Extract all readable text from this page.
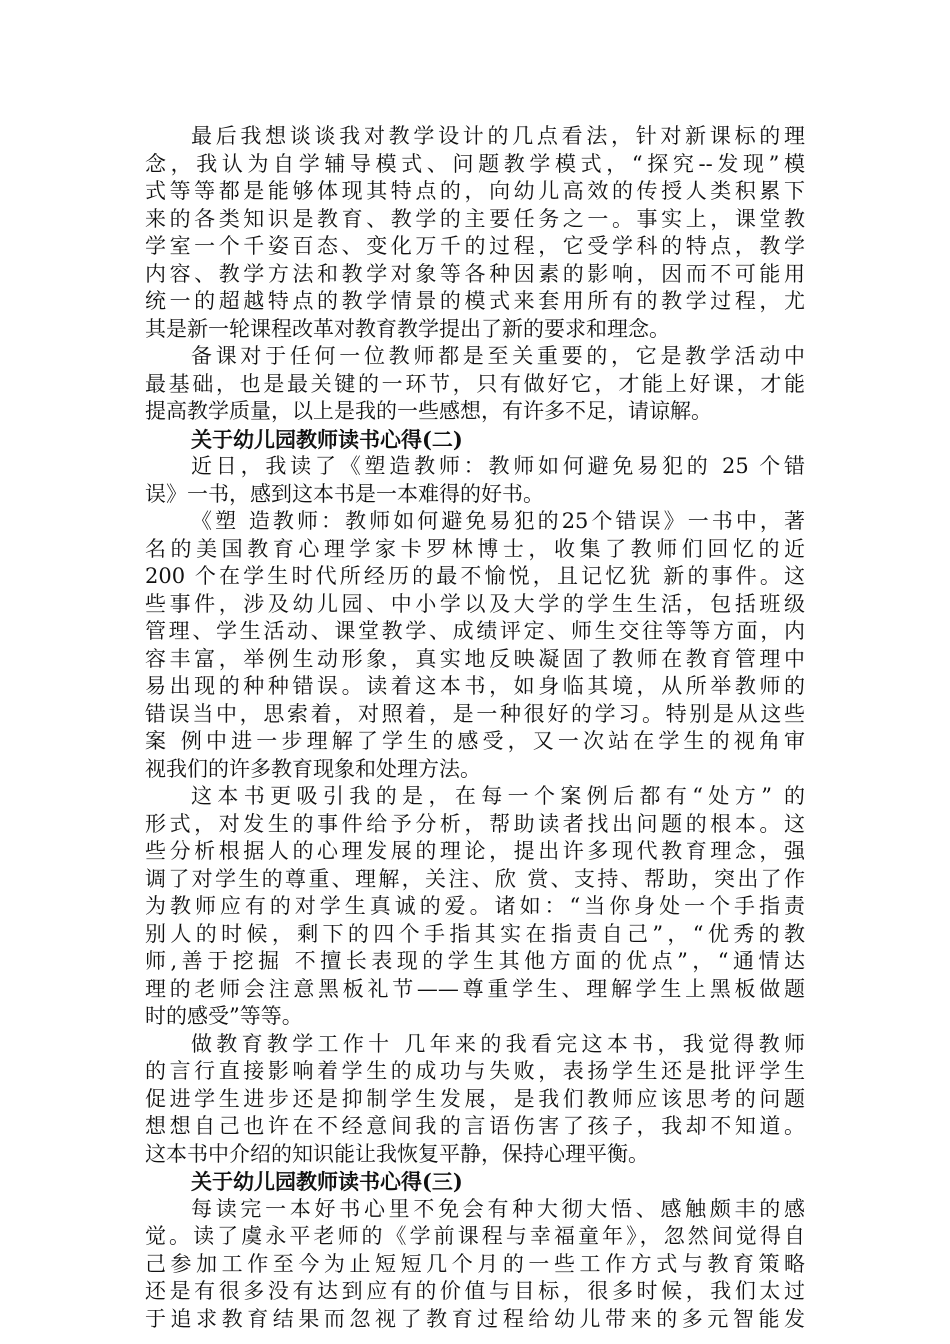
最后我想谈谈我对教学设计的几点看法，针对新课标的理
念，我认为自学辅导模式、问题教学模式，“探究--发现”模
式等等都是能够体现其特点的，向幼儿高效的传授人类积累下
来的各类知识是教育、教学的主要任务之一。事实上，课堂教
学室一个千姿百态、变化万千的过程，它受学科的特点，教学
内容、教学方法和教学对象等各种因素的影响，因而不可能用
统一的超越特点的教学情景的模式来套用所有的教学过程，尤
其是新一轮课程改革对教育教学提出了新的要求和理念。
备课对于任何一位教师都是至关重要的，它是教学活动中
最基础，也是最关键的一环节，只有做好它，才能上好课，才能
提高教学质量，以上是我的一些感想，有许多不足，请谅解。
关于幼儿园教师读书心得(二)
近日，我读了《塑造教师：教师如何避免易犯的 25 个错
误》一书，感到这本书是一本难得的好书。
《塑 造教师：教师如何避免易犯的25个错误》一书中，著
名的美国教育心理学家卡罗林博士，收集了教师们回忆的近
200 个在学生时代所经历的最不愉悦，且记忆犹 新的事件。这
些事件，涉及幼儿园、中小学以及大学的学生生活，包括班级
管理、学生活动、课堂教学、成绩评定、师生交往等等方面，内
容丰富，举例生动形象，真实地反映凝固了教师在教育管理中
易出现的种种错误。读着这本书，如身临其境，从所举教师的
错误当中，思索着，对照着，是一种很好的学习。特别是从这些
案 例中进一步理解了学生的感受，又一次站在学生的视角审
视我们的许多教育现象和处理方法。
这本书更吸引我的是，在每一个案例后都有“处方” 的
形式，对发生的事件给予分析，帮助读者找出问题的根本。这
些分析根据人的心理发展的理论，提出许多现代教育理念，强
调了对学生的尊重、理解，关注、欣 赏、支持、帮助，突出了作
为教师应有的对学生真诚的爱。诸如：“当你身处一个手指责
别人的时候，剩下的四个手指其实在指责自己”，“优秀的教
师,善于挖掘 不擅长表现的学生其他方面的优点”，“通情达
理的老师会注意黑板礼节——尊重学生、理解学生上黑板做题
时的感受”等等。
做教育教学工作十 几年来的我看完这本书，我觉得教师
的言行直接影响着学生的成功与失败，表扬学生还是批评学生
促进学生进步还是抑制学生发展，是我们教师应该思考的问题
想想自己也许在不经意间我的言语伤害了孩子，我却不知道。
这本书中介绍的知识能让我恢复平静，保持心理平衡。
关于幼儿园教师读书心得(三)
每读完一本好书心里不免会有种大彻大悟、感触颇丰的感
觉。读了虞永平老师的《学前课程与幸福童年》，忽然间觉得自
己参加工作至今为止短短几个月的一些工作方式与教育策略
还是有很多没有达到应有的价值与目标，很多时候，我们太过
于追求教育结果而忽视了教育过程给幼儿带来的多元智能发
